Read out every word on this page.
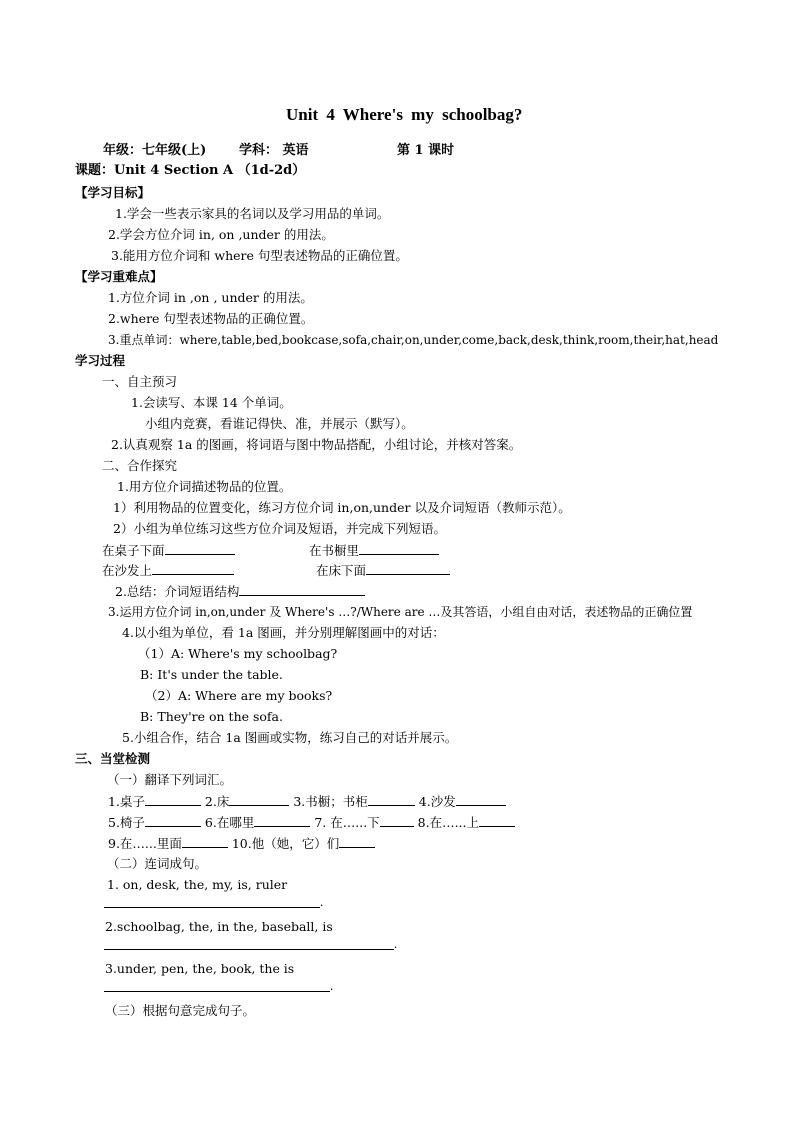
Unit 4 Where's my schoolbag?
年级：七年级(上)	学科： 英语	第 1 课时
课题：Unit 4 Section A （1d-2d）
【学习目标】
1.学会一些表示家具的名词以及学习用品的单词。
2.学会方位介词 in, on ,under 的用法。
3.能用方位介词和 where 句型表述物品的正确位置。
【学习重难点】
1.方位介词 in ,on , under 的用法。
2.where 句型表述物品的正确位置。
3.重点单词：where,table,bed,bookcase,sofa,chair,on,under,come,back,desk,think,room,their,hat,head
学习过程
一、自主预习
1.会读写、本课 14 个单词。
小组内竞赛，看谁记得快、准，并展示（默写）。
2.认真观察 1a 的图画，将词语与图中物品搭配，小组讨论，并核对答案。
二、合作探究
1.用方位介词描述物品的位置。
1）利用物品的位置变化，练习方位介词 in,on,under 以及介词短语（教师示范）。
2）小组为单位练习这些方位介词及短语，并完成下列短语。
在桌子下面	在书橱里
在沙发上	在床下面
2.总结：介词短语结构
3.运用方位介词 in,on,under 及 Where's …?/Where are …及其答语，小组自由对话，表述物品的正确位置
4.以小组为单位，看 1a 图画，并分别理解图画中的对话：
（1）A: Where's my schoolbag?
B: It's under the table.
（2）A: Where are my books?
B: They're on the sofa.
5.小组合作，结合 1a 图画或实物，练习自己的对话并展示。
三、当堂检测
（一）翻译下列词汇。
1.桌子	2.床	3.书橱；书柜	4.沙发
5.椅子	6.在哪里	7. 在…...下	8.在…...上
9.在…...里面	10.他（她，它）们
（二）连词成句。
1. on, desk, the, my, is, ruler
.
2.schoolbag, the, in the, baseball, is
.
3.under, pen, the, book, the is
.
（三）根据句意完成句子。
